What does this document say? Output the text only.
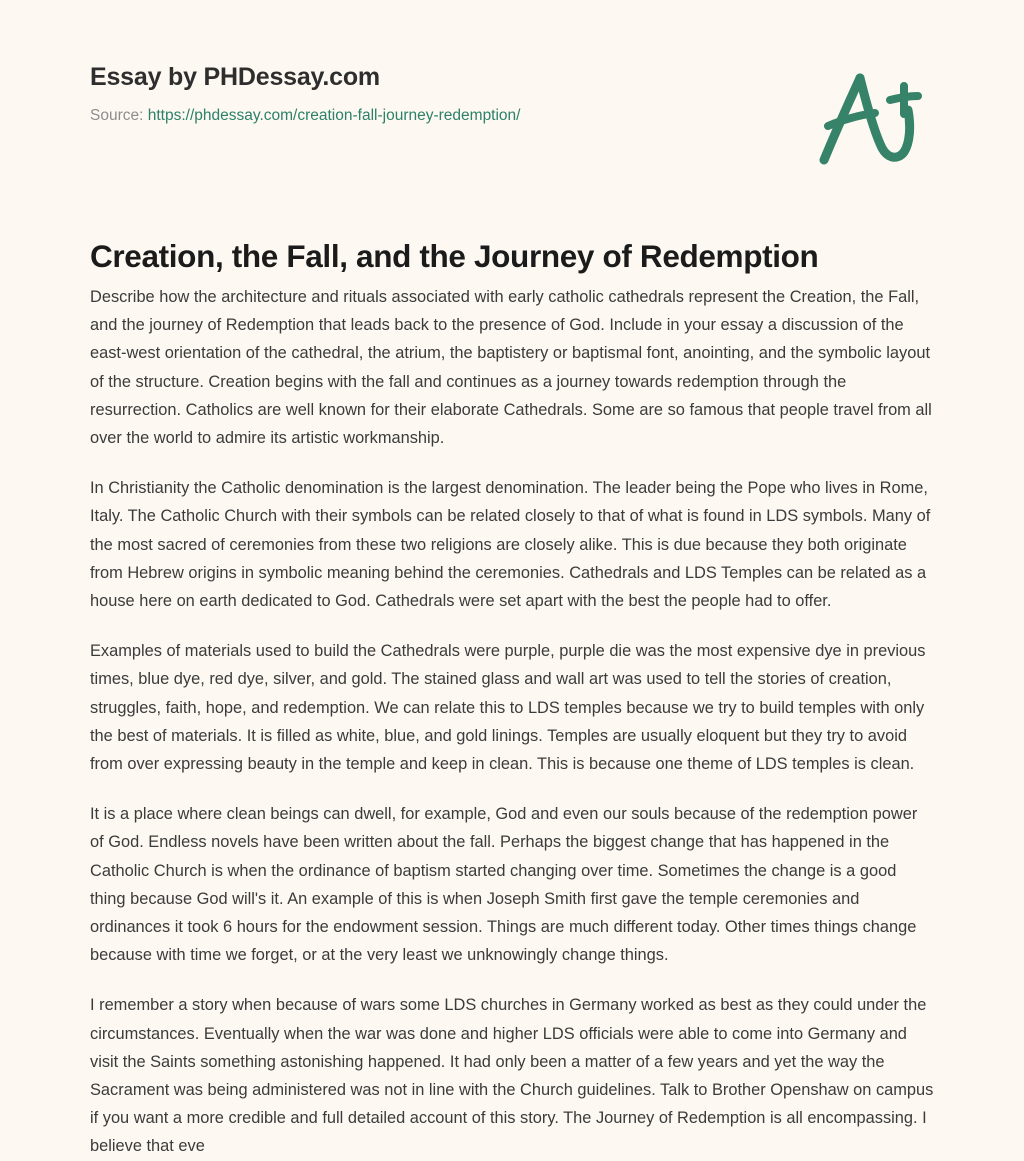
Essay by PHDessay.com
Source: https://phdessay.com/creation-fall-journey-redemption/
Creation, the Fall, and the Journey of Redemption

Describe how the architecture and rituals associated with early catholic cathedrals represent the Creation, the Fall, and the journey of Redemption that leads back to the presence of God. Include in your essay a discussion of the east-west orientation of the cathedral, the atrium, the baptistery or baptismal font, anointing, and the symbolic layout of the structure. Creation begins with the fall and continues as a journey towards redemption through the resurrection. Catholics are well known for their elaborate Cathedrals. Some are so famous that people travel from all over the world to admire its artistic workmanship.

In Christianity the Catholic denomination is the largest denomination. The leader being the Pope who lives in Rome, Italy. The Catholic Church with their symbols can be related closely to that of what is found in LDS symbols. Many of the most sacred of ceremonies from these two religions are closely alike. This is due because they both originate from Hebrew origins in symbolic meaning behind the ceremonies. Cathedrals and LDS Temples can be related as a house here on earth dedicated to God. Cathedrals were set apart with the best the people had to offer.

Examples of materials used to build the Cathedrals were purple, purple die was the most expensive dye in previous times, blue dye, red dye, silver, and gold. The stained glass and wall art was used to tell the stories of creation, struggles, faith, hope, and redemption. We can relate this to LDS temples because we try to build temples with only the best of materials. It is filled as white, blue, and gold linings. Temples are usually eloquent but they try to avoid from over expressing beauty in the temple and keep in clean. This is because one theme of LDS temples is clean.

It is a place where clean beings can dwell, for example, God and even our souls because of the redemption power of God. Endless novels have been written about the fall. Perhaps the biggest change that has happened in the Catholic Church is when the ordinance of baptism started changing over time. Sometimes the change is a good thing because God will's it. An example of this is when Joseph Smith first gave the temple ceremonies and ordinances it took 6 hours for the endowment session. Things are much different today. Other times things change because with time we forget, or at the very least we unknowingly change things.

I remember a story when because of wars some LDS churches in Germany worked as best as they could under the circumstances. Eventually when the war was done and higher LDS officials were able to come into Germany and visit the Saints something astonishing happened. It had only been a matter of a few years and yet the way the Sacrament was being administered was not in line with the Church guidelines. Talk to Brother Openshaw on campus if you want a more credible and full detailed account of this story. The Journey of Redemption is all encompassing. I believe that eve
